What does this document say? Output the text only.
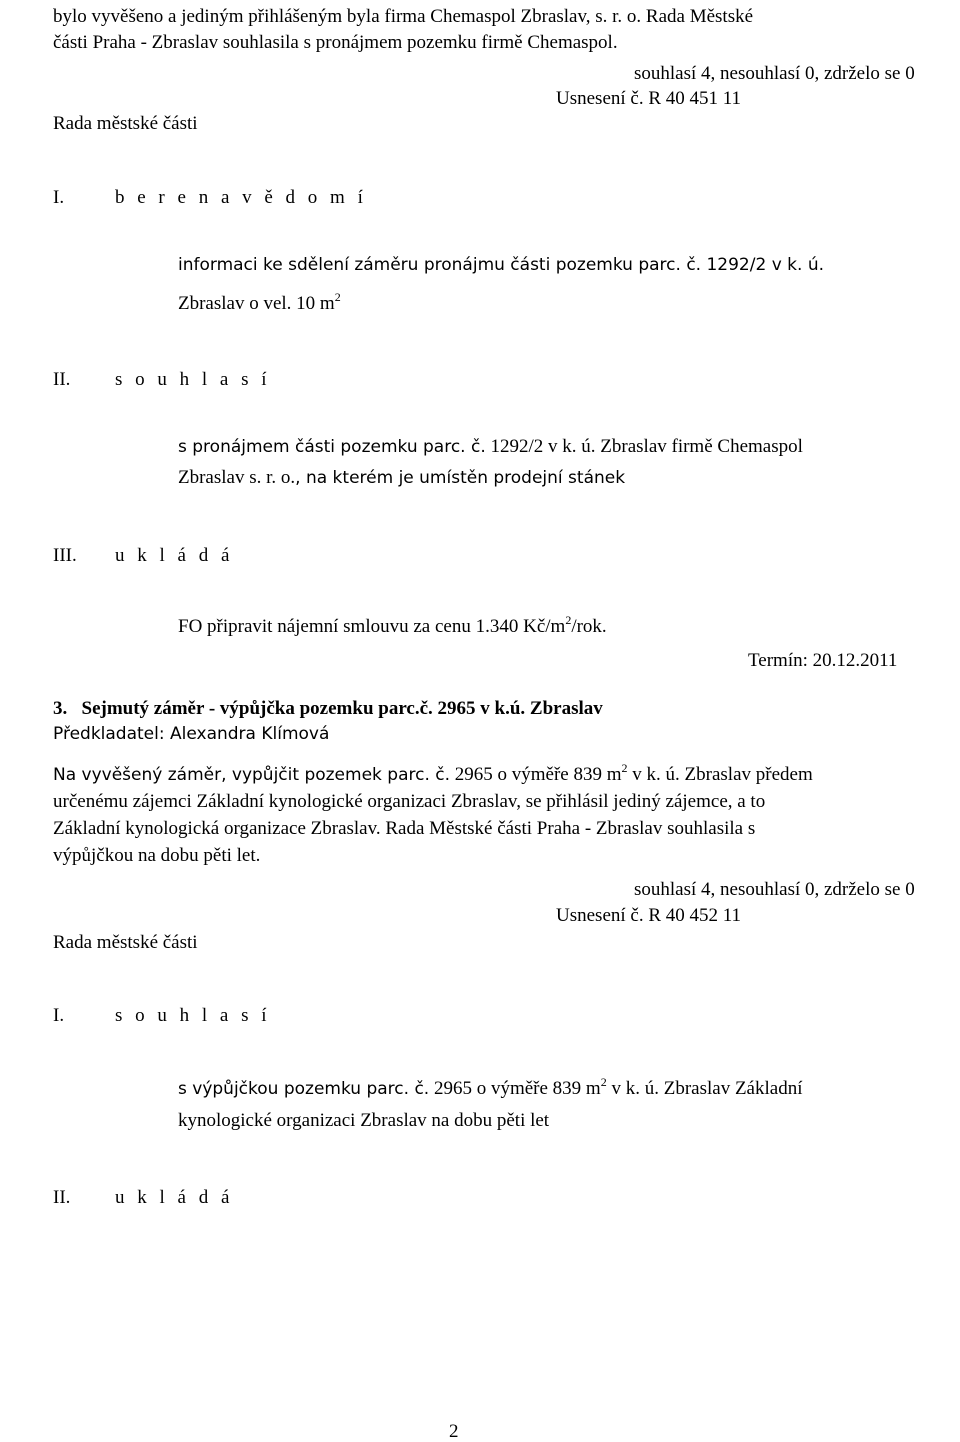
bylo vyvěšeno a jediným přihlášeným byla firma Chemaspol Zbraslav, s. r. o. Rada Městské
části Praha - Zbraslav souhlasila s pronájmem pozemku firmě Chemaspol.
souhlasí 4, nesouhlasí 0, zdrželo se 0
Usnesení č. R 40 451 11
Rada městské části
I.	b e r e n a v ě d o m í
informaci ke sdělení záměru pronájmu části pozemku parc. č. 1292/2 v k. ú.
Zbraslav o vel. 10 $m^2$
II. s o u h l a s í
s pronájmem části pozemku parc. č. 1292/2 v k. ú. Zbraslav firmě Chemaspol
Zbraslav s. r. o., na kterém je umístěn prodejní stánek
III. u k l á d á
FO připravit nájemní smlouvu za cenu 1.340 $Kč/m^2$/rok.
Termín: 20.12.2011
3.   Sejmutý záměr - výpůjčka pozemku parc.č. 2965 v k.ú. Zbraslav
Předkladatel: Alexandra Klímová
Na vyvěšený záměr, vypůjčit pozemek parc. č. 2965 o výměře 839 $m^2$ v k. ú. Zbraslav předem
určenému zájemci Základní kynologické organizaci Zbraslav, se přihlásil jediný zájemce, a to
Základní kynologická organizace Zbraslav. Rada Městské části Praha - Zbraslav souhlasila s
výpůjčkou na dobu pěti let.
souhlasí 4, nesouhlasí 0, zdrželo se 0
Usnesení č. R 40 452 11
Rada městské části
I.	s o u h l a s í
s výpůjčkou pozemku parc. č. 2965 o výměře 839 $m^2$ v k. ú. Zbraslav Základní
kynologické organizaci Zbraslav na dobu pěti let
II. u k l á d á
2
